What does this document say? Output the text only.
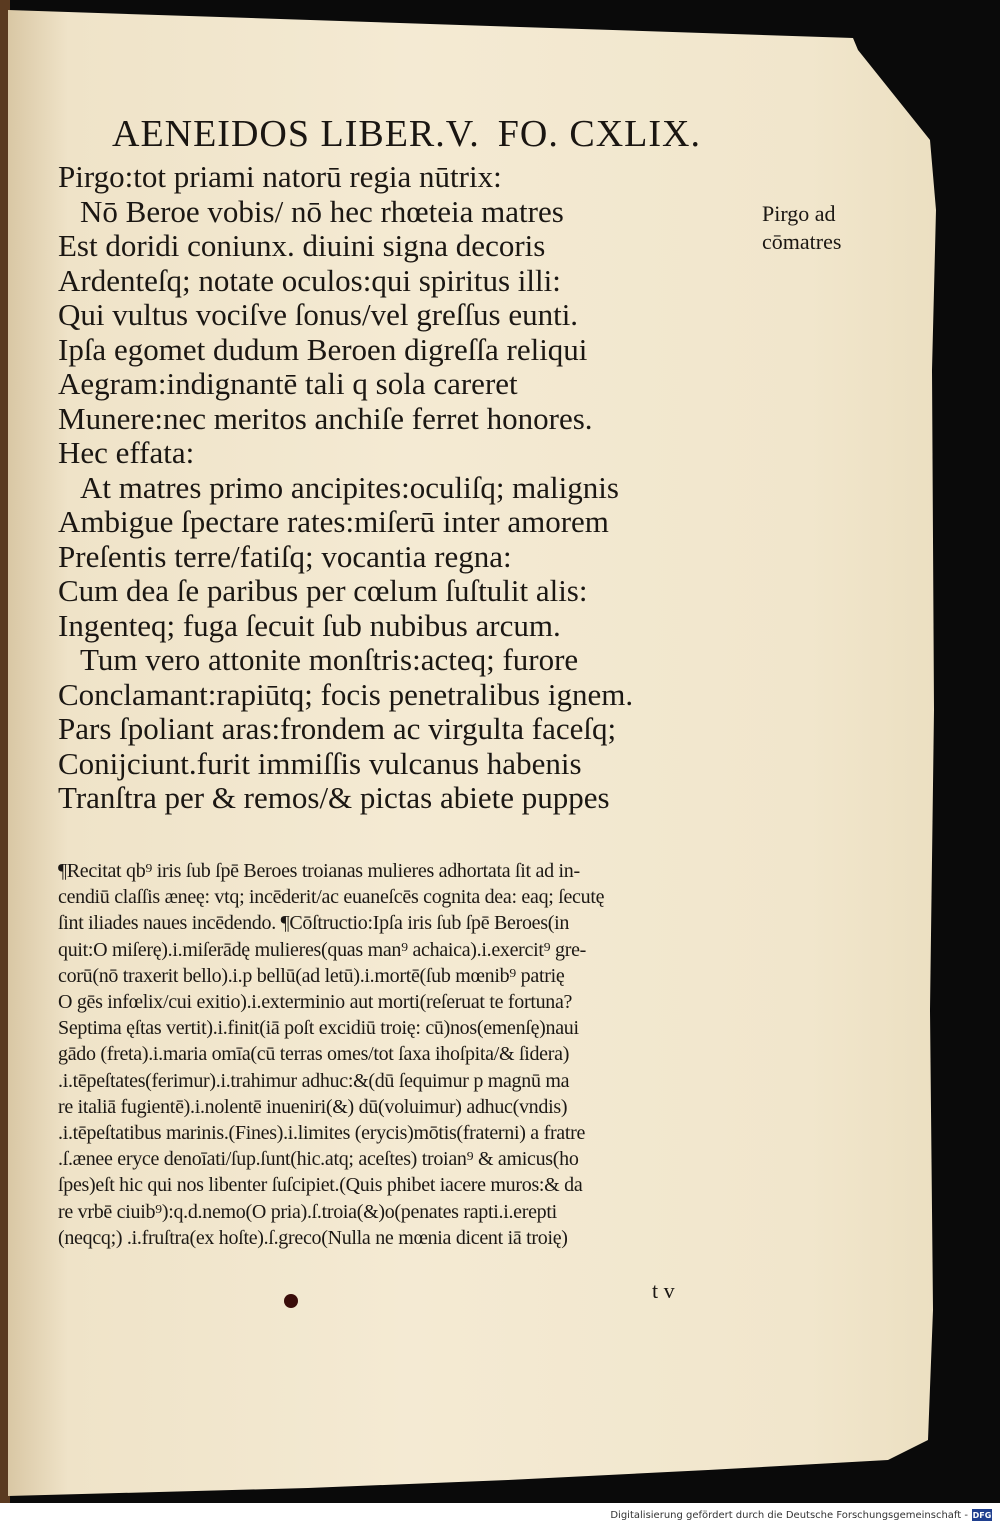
AENEIDOS LIBER.V. FO. CXLIX.
Pirgo ad
cōmatres
Pirgo:tot priami natorū regia nūtrix:
Nō Beroe vobis/ nō hec rhœteia matres
Est doridi coniunx. diuini signa decoris
Ardenteſq; notate oculos:qui spiritus illi:
Qui vultus vociſve ſonus/vel greſſus eunti.
Ipſa egomet dudum Beroen digreſſa reliqui
Aegram:indignantē tali q sola careret
Munere:nec meritos anchiſe ferret honores.
Hec effata:
At matres primo ancipites:oculiſq; malignis
Ambigue ſpectare rates:miſerū inter amorem
Preſentis terre/fatiſq; vocantia regna:
Cum dea ſe paribus per cœlum ſuſtulit alis:
Ingenteq; fuga ſecuit ſub nubibus arcum.
Tum vero attonite monſtris:acteq; furore
Conclamant:rapiūtq; focis penetralibus ignem.
Pars ſpoliant aras:frondem ac virgulta faceſq;
Conijciunt.furit immiſſis vulcanus habenis
Tranſtra per & remos/& pictas abiete puppes
¶Recitat qb⁹ iris ſub ſpē Beroes troianas mulieres adhortata ſit ad in-
cendiū claſſis æneę: vtq; incēderit/ac euaneſcēs cognita dea: eaq; ſecutę
ſint iliades naues incēdendo. ¶Cōſtructio:Ipſa iris ſub ſpē Beroes(in
quit:O miſerę).i.miſerādę mulieres(quas man⁹ achaica).i.exercit⁹ gre-
corū(nō traxerit bello).i.p bellū(ad letū).i.mortē(ſub mœnib⁹ patrię
O gēs infœlix/cui exitio).i.exterminio aut morti(reſeruat te fortuna?
Septima ęſtas vertit).i.finit(iā poſt excidiū troię: cū)nos(emenſę)naui
gādo (freta).i.maria omīa(cū terras omes/tot ſaxa ihoſpita/& ſidera)
.i.tēpeſtates(ferimur).i.trahimur adhuc:&(dū ſequimur p magnū ma
re italiā fugientē).i.nolentē inueniri(&) dū(voluimur) adhuc(vndis)
.i.tēpeſtatibus marinis.(Fines).i.limites (erycis)mōtis(fraterni) a fratre
.ſ.ænee eryce denoīati/ſup.ſunt(hic.atq; aceſtes) troian⁹ & amicus(ho
ſpes)eſt hic qui nos libenter ſuſcipiet.(Quis phibet iacere muros:& da
re vrbē ciuib⁹):q.d.nemo(O pria).ſ.troia(&)o(penates rapti.i.erepti
(neqcq;) .i.fruſtra(ex hoſte).ſ.greco(Nulla ne mœnia dicent iā troię)
t v
Digitalisierung gefördert durch die Deutsche Forschungsgemeinschaft - DFG
